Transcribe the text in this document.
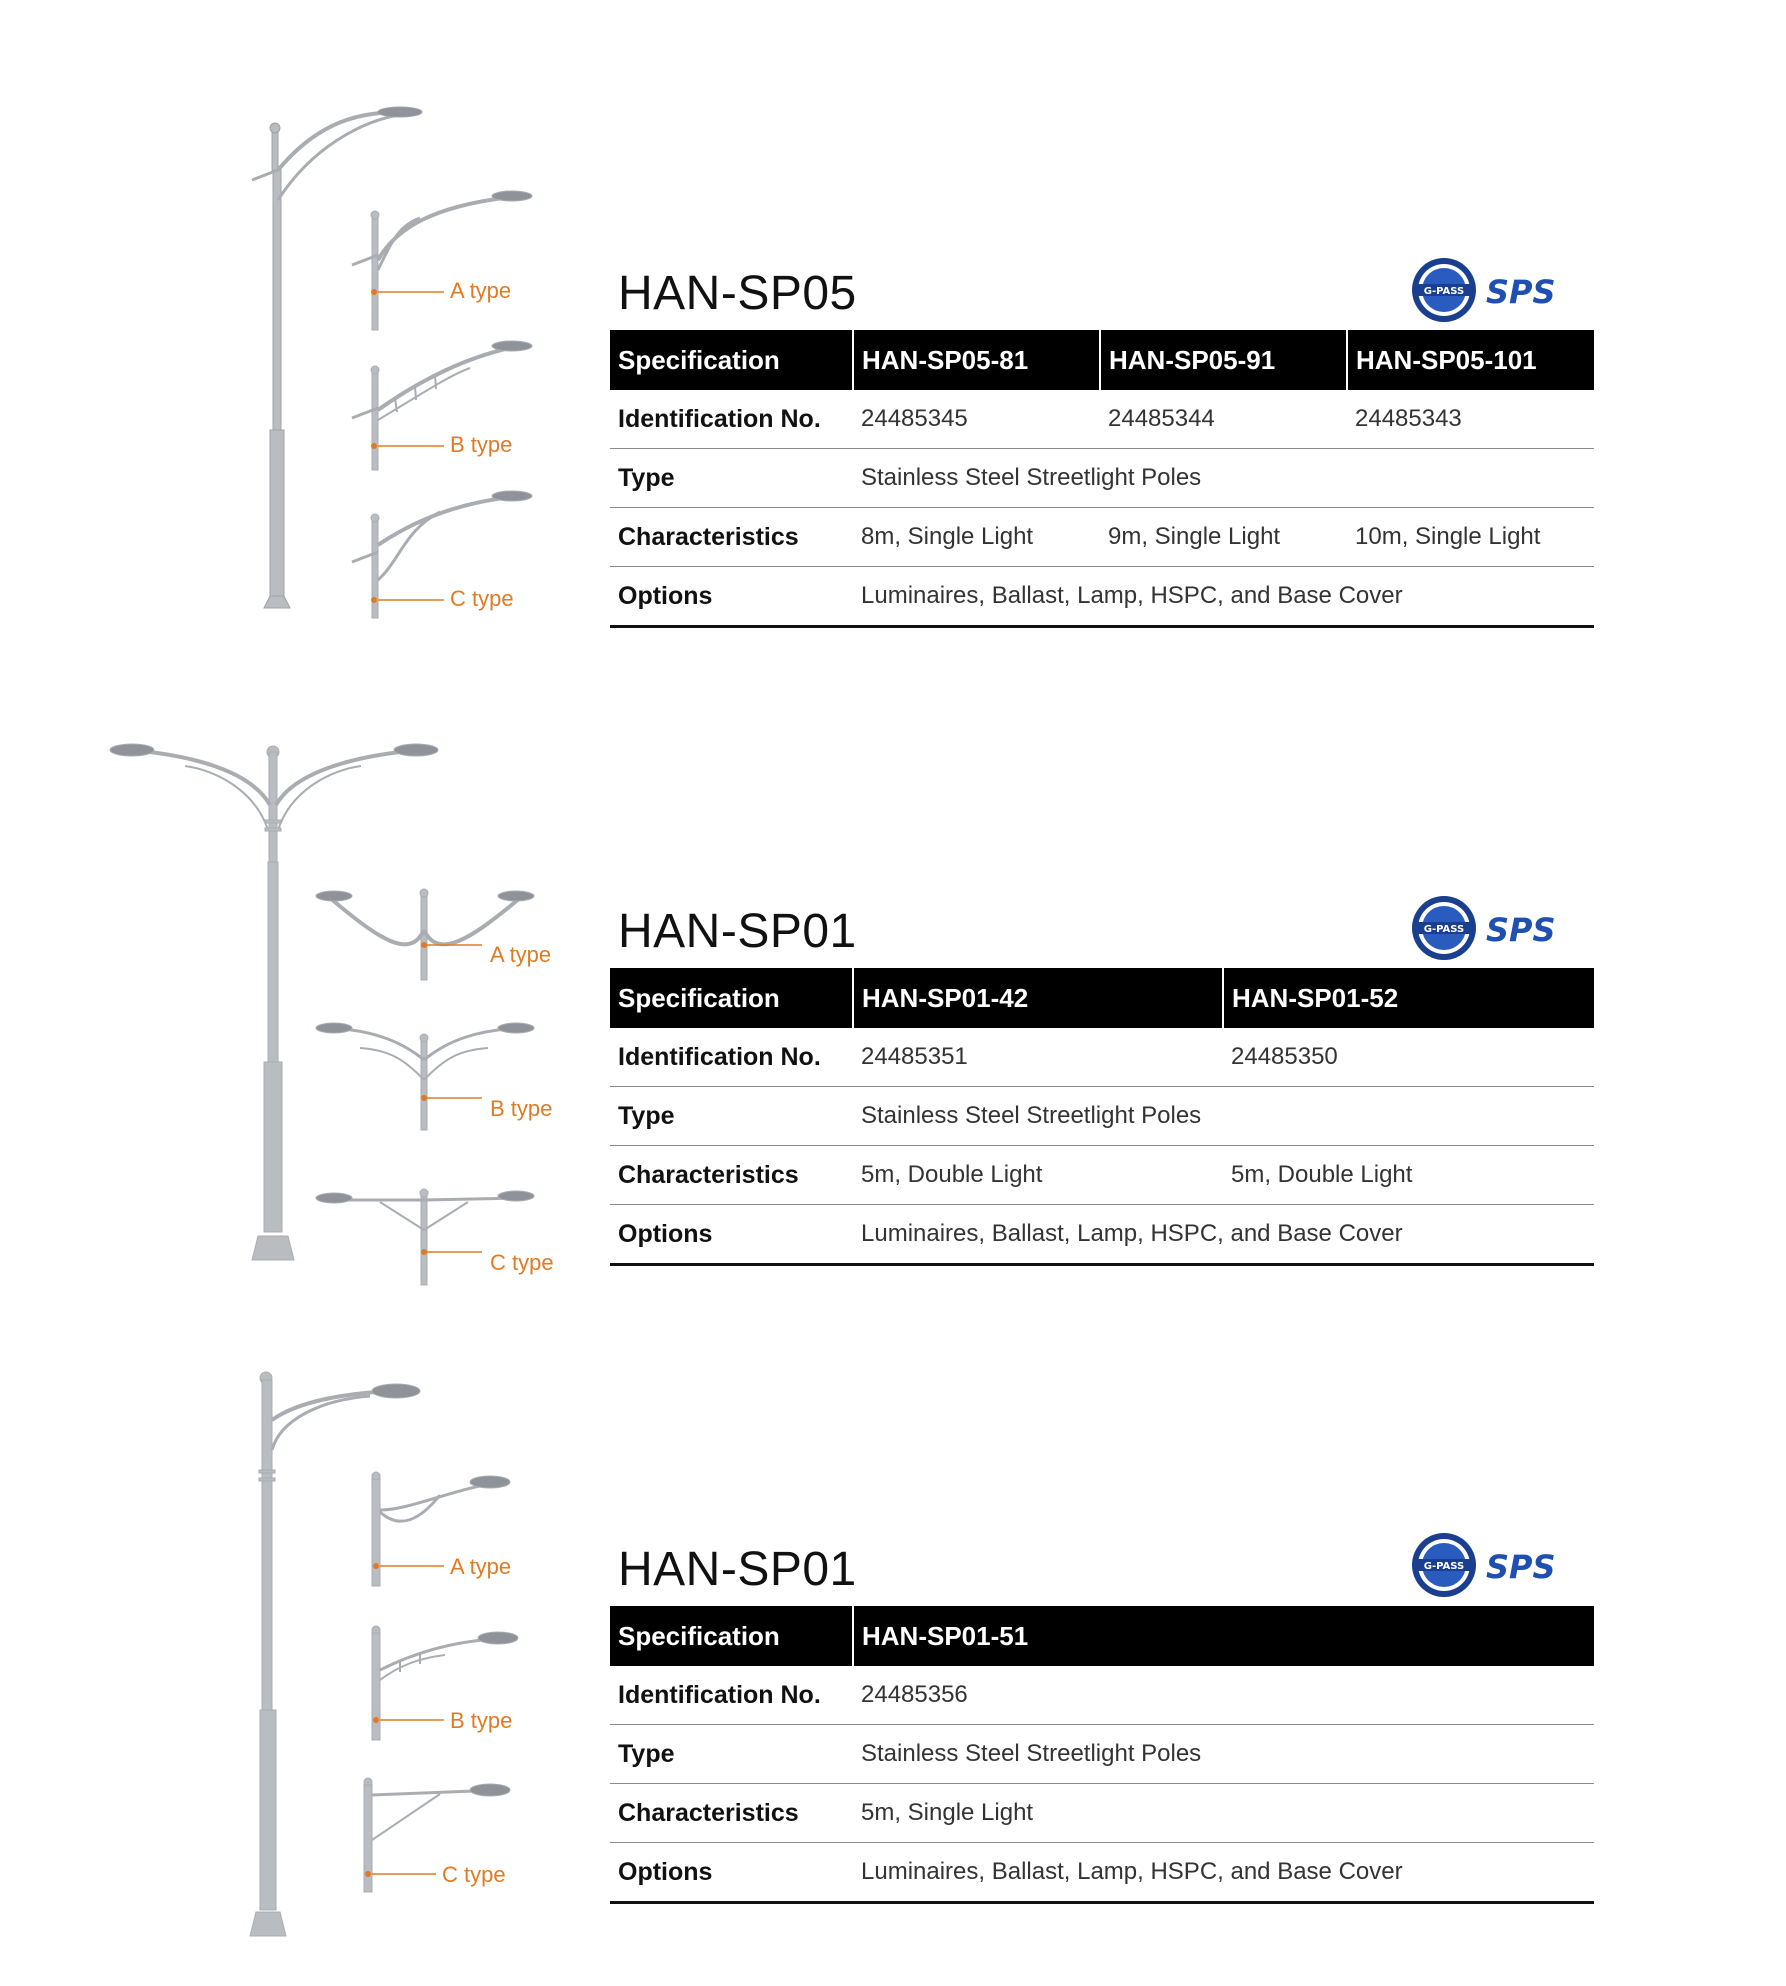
A type
B type
C type
HAN-SP05	G-PASS SPS
Specification	HAN-SP05-81	HAN-SP05-91	HAN-SP05-101
Identification No.	24485345	24485344	24485343
Type	Stainless Steel Streetlight Poles		
Characteristics	8m, Single Light	9m, Single Light	10m, Single Light
Options	Luminaires, Ballast, Lamp, HSPC, and Base Cover		
A type
B type
C type
HAN-SP01	G-PASS SPS
Specification	HAN-SP01-42	HAN-SP01-52
Identification No.	24485351	24485350
Type	Stainless Steel Streetlight Poles	
Characteristics	5m, Double Light	5m, Double Light
Options	Luminaires, Ballast, Lamp, HSPC, and Base Cover	
A type
B type
C type
HAN-SP01	G-PASS SPS
Specification	HAN-SP01-51
Identification No.	24485356
Type	Stainless Steel Streetlight Poles
Characteristics	5m, Single Light
Options	Luminaires, Ballast, Lamp, HSPC, and Base Cover
